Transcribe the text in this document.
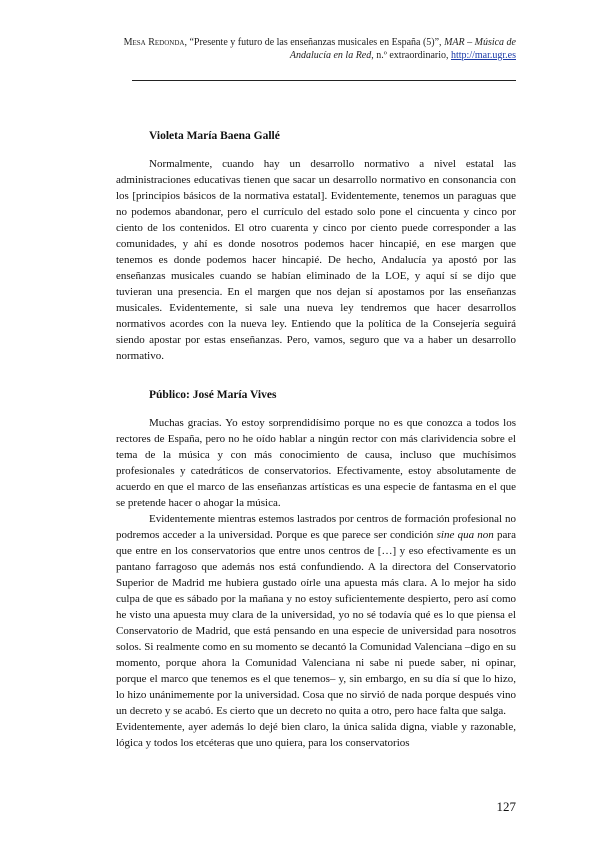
Mesa Redonda, “Presente y futuro de las enseñanzas musicales en España (5)”, MAR – Música de Andalucía en la Red, n.º extraordinario, http://mar.ugr.es
Violeta María Baena Gallé

Normalmente, cuando hay un desarrollo normativo a nivel estatal las administraciones educativas tienen que sacar un desarrollo normativo en consonancia con los [principios básicos de la normativa estatal]. Evidentemente, tenemos un paraguas que no podemos abandonar, pero el currículo del estado solo pone el cincuenta y cinco por ciento de los contenidos. El otro cuarenta y cinco por ciento puede corresponder a las comunidades, y ahí es donde nosotros podemos hacer hincapié, en ese margen que tenemos es donde podemos hacer hincapié. De hecho, Andalucía ya apostó por las enseñanzas musicales cuando se habían eliminado de la LOE, y aquí sí se dijo que tuvieran una presencia. En el margen que nos dejan sí apostamos por las enseñanzas musicales. Evidentemente, si sale una nueva ley tendremos que hacer desarrollos normativos acordes con la nueva ley. Entiendo que la política de la Consejería seguirá siendo apostar por estas enseñanzas. Pero, vamos, seguro que va a haber un desarrollo normativo.

Público: José María Vives

Muchas gracias. Yo estoy sorprendidísimo porque no es que conozca a todos los rectores de España, pero no he oído hablar a ningún rector con más clarividencia sobre el tema de la música y con más conocimiento de causa, incluso que muchísimos profesionales y catedráticos de conservatorios. Efectivamente, estoy absolutamente de acuerdo en que el marco de las enseñanzas artísticas es una especie de fantasma en el que se pretende hacer o ahogar la música.

Evidentemente mientras estemos lastrados por centros de formación profesional no podremos acceder a la universidad. Porque es que parece ser condición sine qua non para que entre en los conservatorios que entre unos centros de […] y eso efectivamente es un pantano farragoso que además nos está confundiendo. A la directora del Conservatorio Superior de Madrid me hubiera gustado oírle una apuesta más clara. A lo mejor ha sido culpa de que es sábado por la mañana y no estoy suficientemente despierto, pero así como he visto una apuesta muy clara de la universidad, yo no sé todavía qué es lo que piensa el Conservatorio de Madrid, que está pensando en una especie de universidad para nosotros solos. Si realmente como en su momento se decantó la Comunidad Valenciana –digo en su momento, porque ahora la Comunidad Valenciana ni sabe ni puede saber, ni opinar, porque el marco que tenemos es el que tenemos– y, sin embargo, en su día sí que lo hizo, lo hizo unánimemente por la universidad. Cosa que no sirvió de nada porque después vino un decreto y se acabó. Es cierto que un decreto no quita a otro, pero hace falta que salga.

Evidentemente, ayer además lo dejé bien claro, la única salida digna, viable y razonable, lógica y todos los etcéteras que uno quiera, para los conservatorios

127
